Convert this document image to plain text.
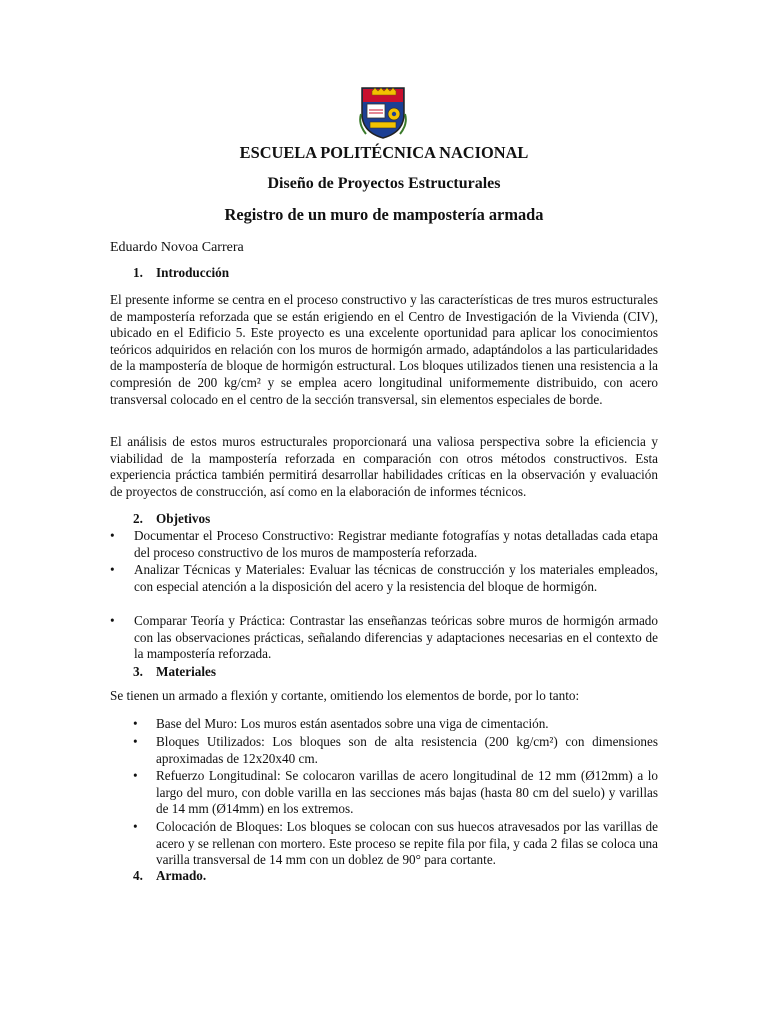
ESCUELA POLITÉCNICA NACIONAL
Diseño de Proyectos Estructurales
Registro de un muro de mampostería armada
Eduardo Novoa Carrera
1. Introducción

El presente informe se centra en el proceso constructivo y las características de tres muros estructurales de mampostería reforzada que se están erigiendo en el Centro de Investigación de la Vivienda (CIV), ubicado en el Edificio 5. Este proyecto es una excelente oportunidad para aplicar los conocimientos teóricos adquiridos en relación con los muros de hormigón armado, adaptándolos a las particularidades de la mampostería de bloque de hormigón estructural. Los bloques utilizados tienen una resistencia a la compresión de 200 kg/cm² y se emplea acero longitudinal uniformemente distribuido, con acero transversal colocado en el centro de la sección transversal, sin elementos especiales de borde.

El análisis de estos muros estructurales proporcionará una valiosa perspectiva sobre la eficiencia y viabilidad de la mampostería reforzada en comparación con otros métodos constructivos. Esta experiencia práctica también permitirá desarrollar habilidades críticas en la observación y evaluación de proyectos de construcción, así como en la elaboración de informes técnicos.

2. Objetivos
•	Documentar el Proceso Constructivo: Registrar mediante fotografías y notas detalladas cada etapa del proceso constructivo de los muros de mampostería reforzada.

•	Analizar Técnicas y Materiales: Evaluar las técnicas de construcción y los materiales empleados, con especial atención a la disposición del acero y la resistencia del bloque de hormigón.

•	Comparar Teoría y Práctica: Contrastar las enseñanzas teóricas sobre muros de hormigón armado con las observaciones prácticas, señalando diferencias y adaptaciones necesarias en el contexto de la mampostería reforzada.

3. Materiales

Se tienen un armado a flexión y cortante, omitiendo los elementos de borde, por lo tanto:

•	Base del Muro: Los muros están asentados sobre una viga de cimentación.

•	Bloques Utilizados: Los bloques son de alta resistencia (200 kg/cm²) con dimensiones aproximadas de 12x20x40 cm.

•	Refuerzo Longitudinal: Se colocaron varillas de acero longitudinal de 12 mm (Ø12mm) a lo largo del muro, con doble varilla en las secciones más bajas (hasta 80 cm del suelo) y varillas de 14 mm (Ø14mm) en los extremos.

•	Colocación de Bloques: Los bloques se colocan con sus huecos atravesados por las varillas de acero y se rellenan con mortero. Este proceso se repite fila por fila, y cada 2 filas se coloca una varilla transversal de 14 mm con un doblez de 90° para cortante.

4. Armado.
